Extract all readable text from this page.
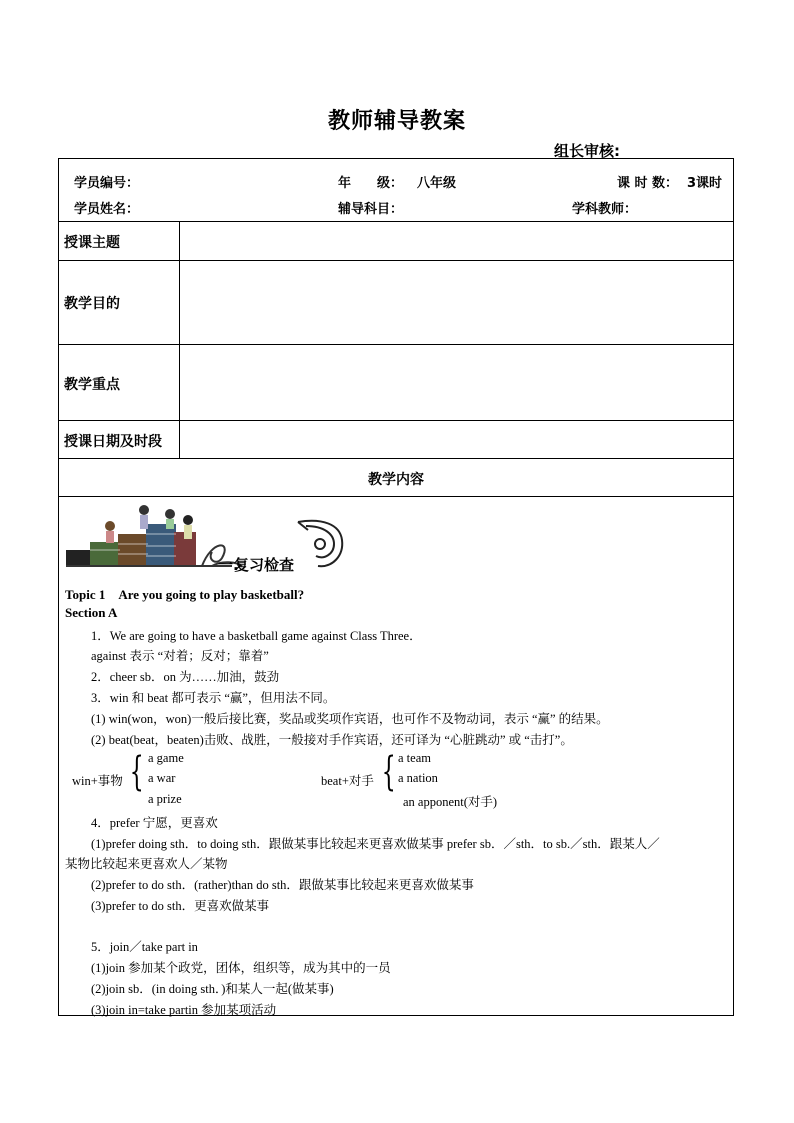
教师辅导教案
组长审核:
学员编号：	年　　级： 八年级	课 时 数： 3课时
学员姓名：	辅导科目：	学科教师：
授课主题
教学目的
教学重点
授课日期及时段
教学内容
一.
复习检查
Topic 1　Are you going to play basketball?
Section A
1．We are going to have a basketball game against Class Three．
against 表示 “对着；反对；靠着”
2．cheer sb．on 为……加油，鼓劲
3．win 和 beat 都可表示 “赢”，但用法不同。
(1) win(won，won)一般后接比赛，奖品或奖项作宾语，也可作不及物动词，表示 “赢” 的结果。
(2) beat(beat，beaten)击败、战胜，一般接对手作宾语，还可译为 “心脏跳动” 或 “击打”。
win+事物 { a game
a war
a prize
beat+对手 { a team
a nation
an apponent(对手)
4．prefer 宁愿，更喜欢
(1)prefer doing sth．to doing sth．跟做某事比较起来更喜欢做某事 prefer sb．／sth．to sb.／sth．跟某人／
某物比较起来更喜欢人／某物
(2)prefer to do sth．(rather)than do sth．跟做某事比较起来更喜欢做某事
(3)prefer to do sth．更喜欢做某事
5．join／take part in
(1)join 参加某个政党，团体，组织等，成为其中的一员
(2)join sb．(in doing sth．)和某人一起(做某事)
(3)join in=take partin 参加某项活动
